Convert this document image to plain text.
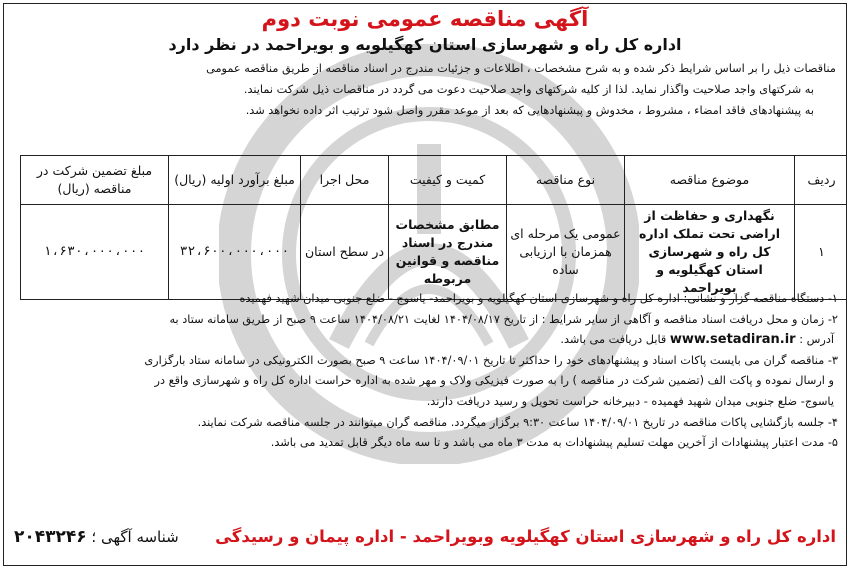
آگهی مناقصه عمومی نوبت دوم
اداره کل راه و شهرسازی استان کهگیلویه و بویراحمد در نظر دارد

مناقصات ذیل را بر اساس شرایط ذکر شده و به شرح مشخصات ، اطلاعات و جزئیات مندرج در اسناد مناقصه از طریق مناقصه عمومی

به شرکتهای واجد صلاحیت واگذار نماید. لذا از کلیه شرکتهای واجد صلاحیت دعوت می گردد در مناقصات ذیل شرکت نمایند.

به پیشنهادهای فاقد امضاء ، مشروط ، مخدوش و پیشنهادهایی که بعد از موعد مقرر واصل شود ترتیب اثر داده نخواهد شد.

ردیف	موضوع مناقصه	نوع مناقصه	کمیت و کیفیت	محل اجرا	مبلغ برآورد اولیه (ریال)	مبلغ تضمین شرکت در مناقصه (ریال)
۱	نگهداری و حفاظت از اراضی تحت تملک اداره کل راه و شهرسازی استان کهگیلویه و بویراحمد	عمومی یک مرحله ای همزمان با ارزیابی ساده	مطابق مشخصات مندرج در اسناد مناقصه و قوانین مربوطه	در سطح استان	۳۲،۶۰۰،۰۰۰،۰۰۰	۱،۶۳۰،۰۰۰،۰۰۰

۱- دستگاه مناقصه گزار و نشانی: اداره کل راه و شهرسازی استان کهگیلویه و بویراحمد- یاسوج - ضلع جنوبی میدان شهید فهمیده

۲- زمان و محل دریافت اسناد مناقصه و آگاهی از سایر شرایط : از تاریخ ۱۴۰۴/۰۸/۱۷ لغایت ۱۴۰۴/۰۸/۲۱ ساعت ۹ صبح از طریق سامانه ستاد به

آدرس : www.setadiran.ir قابل دریافت می باشد.

۳- مناقصه گران می بایست پاکات اسناد و پیشنهادهای خود را حداکثر تا تاریخ ۱۴۰۴/۰۹/۰۱ ساعت ۹ صبح بصورت الکترونیکی در سامانه ستاد بارگزاری

و ارسال نموده و پاکت الف (تضمین شرکت در مناقصه ) را به صورت فیزیکی ولاک و مهر شده به اداره حراست اداره کل راه و شهرسازی واقع در

یاسوج- ضلع جنوبی میدان شهید فهمیده - دبیرخانه حراست تحویل و رسید دریافت دارند.

۴- جلسه بازگشایی پاکات مناقصه در تاریخ ۱۴۰۴/۰۹/۰۱ ساعت ۹:۳۰ برگزار میگردد. مناقصه گران میتوانند در جلسه مناقصه شرکت نمایند.

۵- مدت اعتبار پیشنهادات از آخرین مهلت تسلیم پیشنهادات به مدت ۳ ماه می باشد و تا سه ماه دیگر قابل تمدید می باشد.

اداره کل راه و شهرسازی استان کهگیلویه وبویراحمد - اداره پیمان و رسیدگی
شناسه آگهی ؛ ۲۰۴۳۲۴۶
